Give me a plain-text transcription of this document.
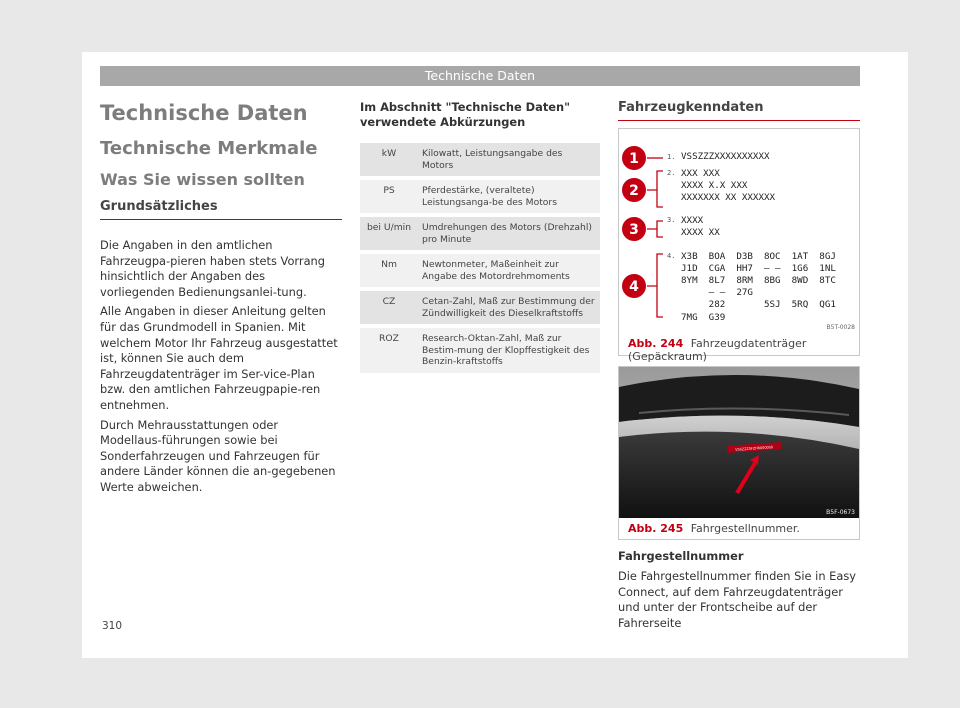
Technische Daten
Technische Daten
Technische Merkmale
Was Sie wissen sollten
Grundsätzliches

Die Angaben in den amtlichen Fahrzeugpa-pieren haben stets Vorrang hinsichtlich der Angaben des vorliegenden Bedienungsanlei-tung.

Alle Angaben in dieser Anleitung gelten für das Grundmodell in Spanien. Mit welchem Motor Ihr Fahrzeug ausgestattet ist, können Sie auch dem Fahrzeugdatenträger im Ser-vice-Plan bzw. den amtlichen Fahrzeugpapie-ren entnehmen.

Durch Mehrausstattungen oder Modellaus-führungen sowie bei Sonderfahrzeugen und Fahrzeugen für andere Länder können die an-gegebenen Werte abweichen.

Im Abschnitt "Technische Daten" verwendete Abkürzungen
kW	Kilowatt, Leistungsangabe des Motors
PS	Pferdestärke, (veraltete) Leistungsanga-be des Motors
bei U/min	Umdrehungen des Motors (Drehzahl) pro Minute
Nm	Newtonmeter, Maßeinheit zur Angabe des Motordrehmoments
CZ	Cetan-Zahl, Maß zur Bestimmung der Zündwilligkeit des Dieselkraftstoffs
ROZ	Research-Oktan-Zahl, Maß zur Bestim-mung der Klopffestigkeit des Benzin-kraftstoffs
Fahrzeugkenndaten
1
2
3
4
1.
2.
3.
4.
VSSZZZXXXXXXXXXX
XXX XXX
XXXX X.X XXX
XXXXXXX XX XXXXXX
XXXX
XXXX XX
X3B  BOA  D3B  8OC  1AT  8GJ
J1D  CGA  HH7  – –  1G6  1NL
8YM  8L7  8RM  8BG  8WD  8TC
– –  27G
282       5SJ  5RQ  QG1
7MG  G39
B5T-0028
Abb. 244 Fahrzeugdatenträger (Gepäckraum)
VSSZZZ5FZHR000000
B5F-0673
Abb. 245 Fahrgestellnummer.
Fahrgestellnummer
Die Fahrgestellnummer finden Sie in Easy Connect, auf dem Fahrzeugdatenträger und unter der Frontscheibe auf der Fahrerseite
310
